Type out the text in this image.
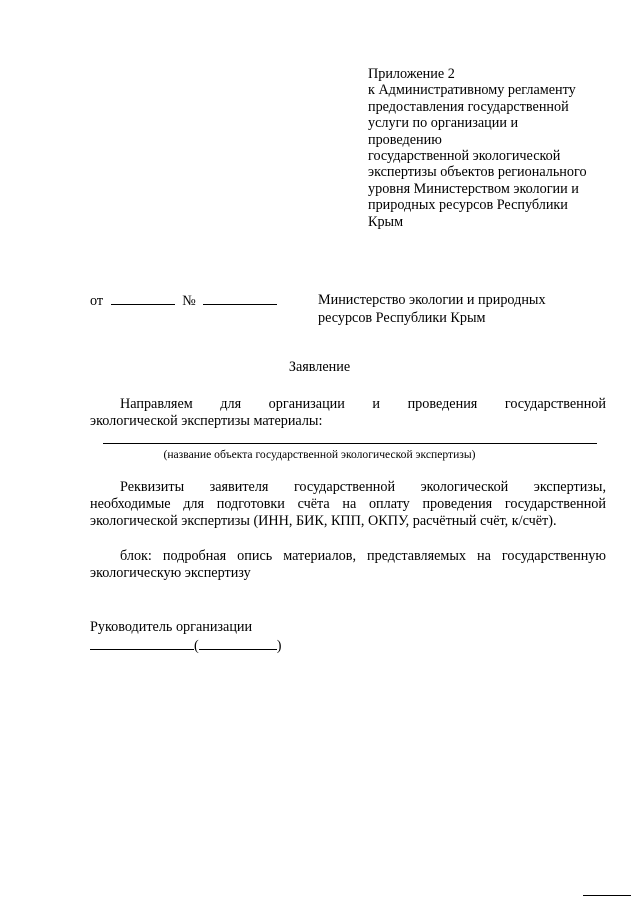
Приложение 2
к Административному регламенту
предоставления государственной
услуги по организации и
проведению
государственной экологической
экспертизы объектов регионального
уровня Министерством экологии и
природных ресурсов Республики
Крым
от	№	Министерство экологии и природных
ресурсов Республики Крым
Заявление
Направляем для организации и проведения государственной
экологической экспертизы материалы:
(название объекта государственной экологической экспертизы)
Реквизиты заявителя государственной экологической экспертизы,
необходимые для подготовки счёта на оплату проведения государственной
экологической экспертизы (ИНН, БИК, КПП, ОКПУ, расчётный счёт, к/счёт).
блок: подробная опись материалов, представляемых на государственную
экологическую экспертизу
Руководитель организации
(	)
